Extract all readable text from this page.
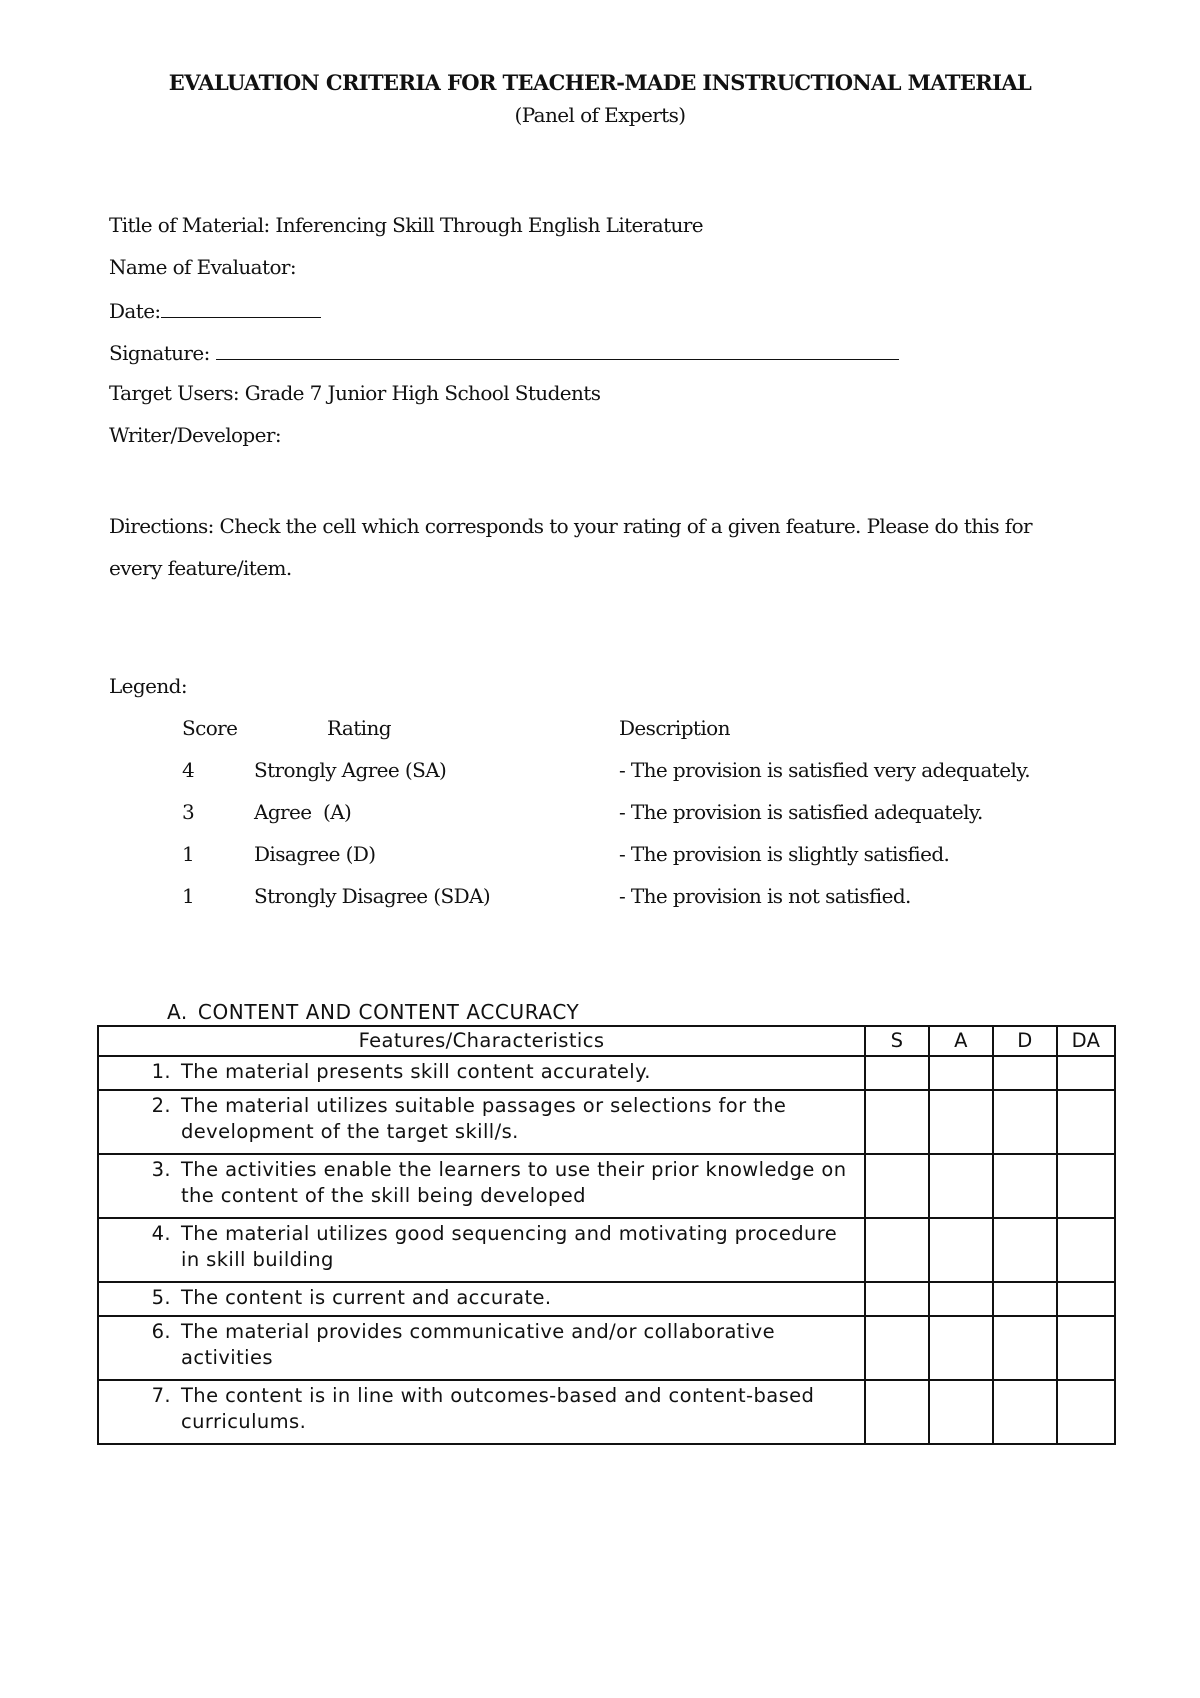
EVALUATION CRITERIA FOR TEACHER-MADE INSTRUCTIONAL MATERIAL
(Panel of Experts)
Title of Material: Inferencing Skill Through English Literature
Name of Evaluator:
Date:
Signature:
Target Users: Grade 7 Junior High School Students
Writer/Developer:
Directions: Check the cell which corresponds to your rating of a given feature. Please do this for every feature/item.
Legend:
Score	Rating	Description
4	Strongly Agree (SA)	- The provision is satisfied very adequately.
3	Agree  (A)	- The provision is satisfied adequately.
1	Disagree (D)	- The provision is slightly satisfied.
1	Strongly Disagree (SDA)	- The provision is not satisfied.
A. CONTENT AND CONTENT ACCURACY
Features/Characteristics	S	A	D	DA

1. The material presents skill content accurately.				

2. The material utilizes suitable passages or selections for the development of the target skill/s.				

3. The activities enable the learners to use their prior knowledge on the content of the skill being developed				

4. The material utilizes good sequencing and motivating procedure in skill building				

5. The content is current and accurate.				

6. The material provides communicative and/or collaborative activities				

7. The content is in line with outcomes-based and content-based curriculums.				
